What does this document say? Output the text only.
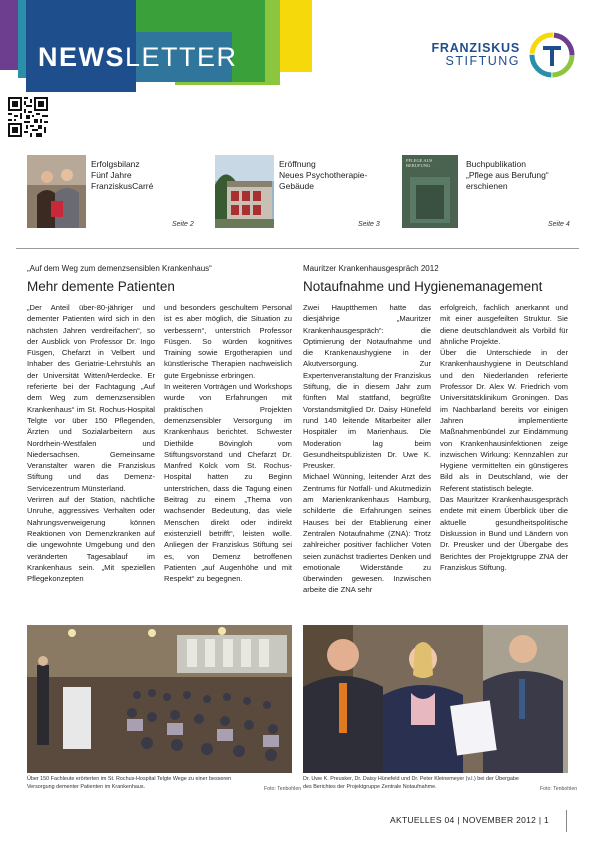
NEWSLETTER	FRANZISKUS
STIFTUNG
Erfolgsbilanz
Fünf Jahre
FranziskusCarré
Seite 2
Eröffnung
Neues Psychotherapie-
Gebäude
Seite 3
PFLEGE AUS BERUFUNG	Buchpublikation
„Pflege aus Berufung“
erschienen
Seite 4
„Auf dem Weg zum demenzsensiblen Krankenhaus“
Mehr demente Patienten
„Der Anteil über-80-jähriger und dementer Patienten wird sich in den nächsten Jahren verdreifachen“, so der Ausblick von Professor Dr. Ingo Füsgen, Chefarzt in Velbert und Inhaber des Geriatrie-Lehrstuhls an der Universität Witten/Herdecke. Er referierte bei der Fachtagung „Auf dem Weg zum demenzsensiblen Krankenhaus“ im St. Rochus-Hospital Telgte vor über 150 Pflegenden, Ärzten und Sozialarbeitern aus Nordrhein-Westfalen und Niedersachsen. Gemeinsame Veranstalter waren die Franziskus Stiftung und das Demenz-Servicezentrum Münsterland.
Verirren auf der Station, nächtliche Unruhe, aggressives Verhalten oder Nahrungsverweigerung können Reaktionen von Demenzkranken auf die ungewohnte Umgebung und den veränderten Tagesablauf im Krankenhaus sein. „Mit speziellen Pflegekonzepten
und besonders geschultem Personal ist es aber möglich, die Situation zu verbessern“, unterstrich Professor Füsgen. So würden kognitives Training sowie Ergotherapien und künstlerische Therapien nachweislich gute Ergebnisse erbringen.
In weiteren Vorträgen und Workshops wurde von Erfahrungen mit praktischen Projekten demenzsensibler Versorgung im Krankenhaus berichtet. Schwester Diethilde Bövingloh vom Stiftungsvorstand und Chefarzt Dr. Manfred Kolck vom St. Rochus-Hospital hatten zu Beginn unterstrichen, dass die Tagung einen Beitrag zu einem „Thema von wachsender Bedeutung, das viele Menschen direkt oder indirekt existenziell betrifft“, leisten wolle. Anliegen der Franziskus Stiftung sei es, von Demenz betroffenen Patienten „auf Augenhöhe und mit Respekt“ zu begegnen.
Über 150 Fachleute erörterten im St. Rochus-Hospital Telgte Wege zu einer besseren Versorgung dementer Patienten im Krankenhaus.	Foto: Tenbohlen
Mauritzer Krankenhausgespräch 2012
Notaufnahme und Hygienemanagement
Zwei Hauptthemen hatte das diesjährige „Mauritzer Krankenhausgespräch“: die Optimierung der Notaufnahme und die Krankenaushygiene in der Akutversorgung. Zur Expertenveranstaltung der Franziskus Stiftung, die in diesem Jahr zum fünften Mal stattfand, begrüßte Vorstandsmitglied Dr. Daisy Hünefeld rund 140 leitende Mitarbeiter aller Hospitäler im Marienhaus. Die Moderation lag beim Gesundheitspublizisten Dr. Uwe K. Preusker.
Michael Wünning, leitender Arzt des Zentrums für Notfall- und Akutmedizin am Marienkrankenhaus Hamburg, schilderte die Erfahrungen seines Hauses bei der Etablierung einer Zentralen Notaufnahme (ZNA): Trotz zahlreicher positiver fachlicher Voten seien zunächst tradiertes Denken und emotionale Widerstände zu überwinden gewesen. Inzwischen arbeite die ZNA sehr
erfolgreich, fachlich anerkannt und mit einer ausgefeilten Struktur. Sie diene deutschlandweit als Vorbild für ähnliche Projekte.
Über die Unterschiede in der Krankenhaushygiene in Deutschland und den Niederlanden referierte Professor Dr. Alex W. Friedrich vom Universitätsklinikum Groningen. Das im Nachbarland bereits vor einigen Jahren implementierte Maßnahmenbündel zur Eindämmung von Krankenhausinfektionen zeige inzwischen Wirkung: Kennzahlen zur Hygiene vermittelten ein günstigeres Bild als in Deutschland, wie der Referent statistisch belegte.
Das Mauritzer Krankenhausgespräch endete mit einem Überblick über die aktuelle gesundheitspolitische Diskussion in Bund und Ländern von Dr. Preusker und der Übergabe des Berichtes der Projektgruppe ZNA der Franziskus Stiftung.
Dr. Uwe K. Preusker, Dr. Daisy Hünefeld und Dr. Peter Kleinemeyer (v.l.) bei der Übergabe des Berichtes der Projektgruppe Zentrale Notaufnahme.	Foto: Tenbohlen
AKTUELLES 04 | NOVEMBER 2012 | 1
